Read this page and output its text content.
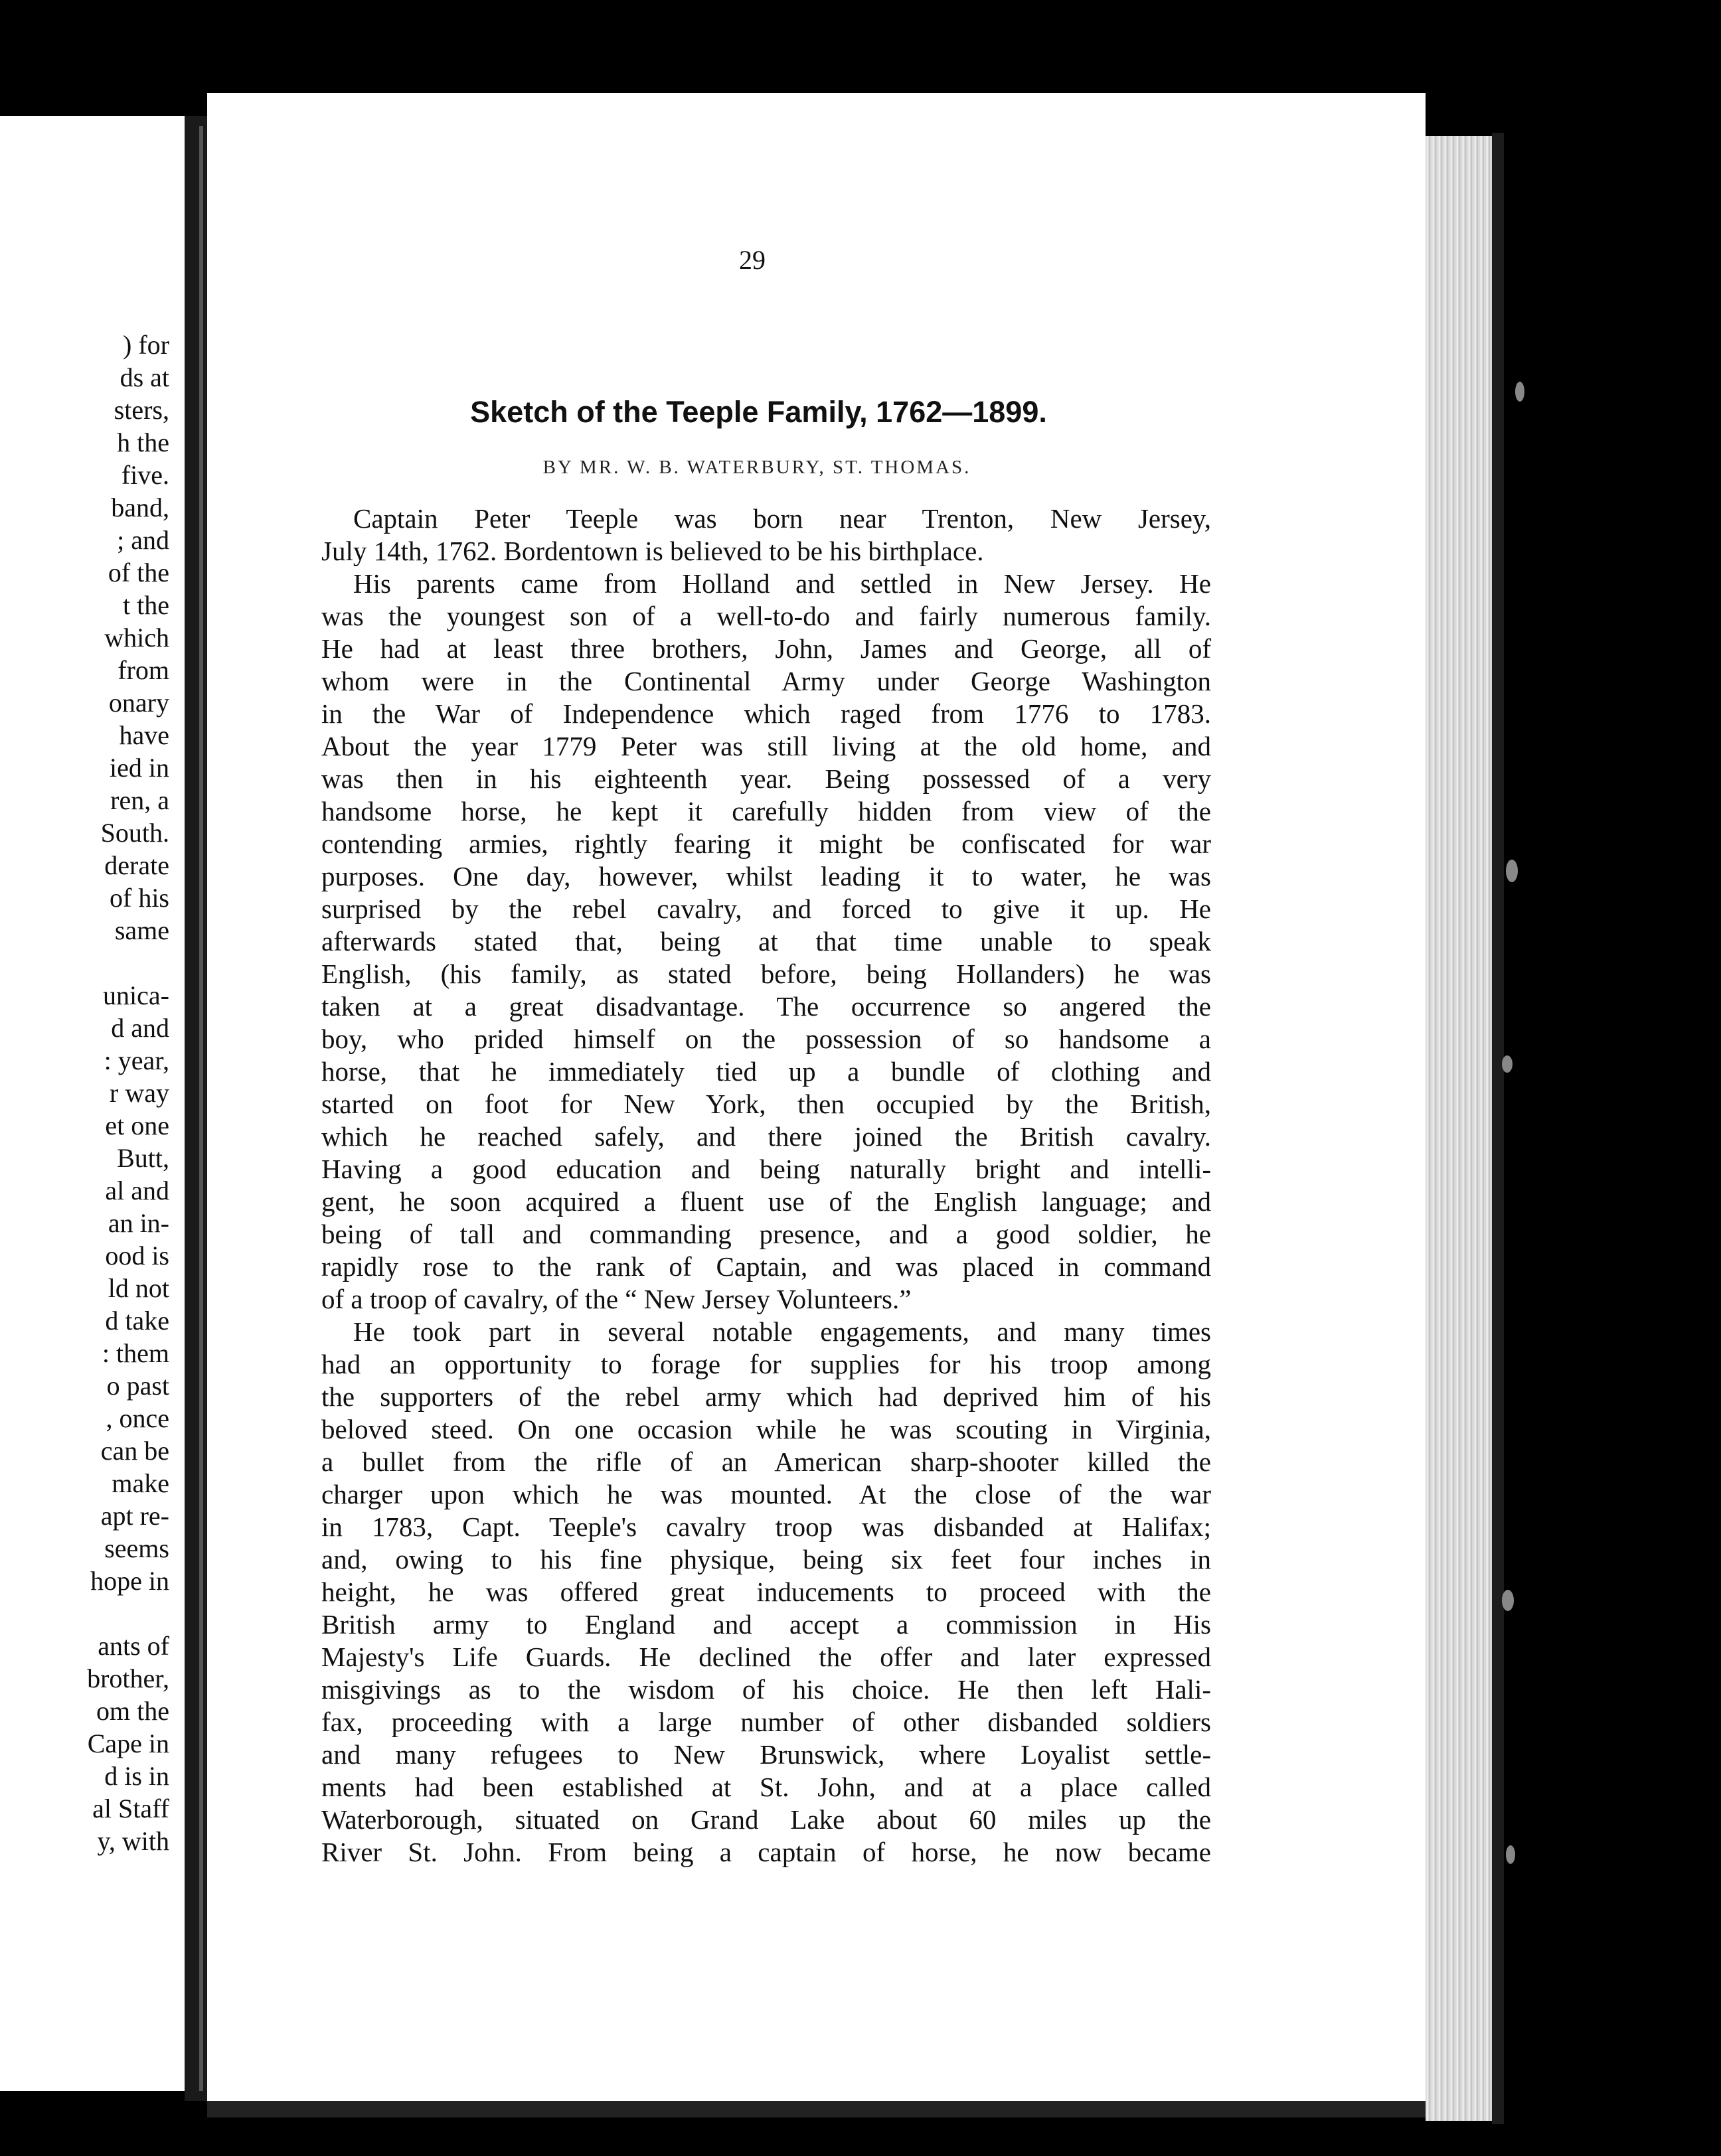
) for
ds at
sters,
h the
five.
band,
; and
of the
t the
which
from
onary
have
ied in
ren, a
South.
derate
of his
same
unica-
d and
: year,
r way
et one
Butt,
al and
an in-
ood is
ld not
d take
: them
o past
, once
can be
make
apt re-
seems
hope in
ants of
brother,
om the
Cape in
d is in
al Staff
y, with
29
Sketch of the Teeple Family, 1762—1899.
BY MR. W. B. WATERBURY, ST. THOMAS.
Captain Peter Teeple was born near Trenton, New Jersey,
July 14th, 1762. Bordentown is believed to be his birthplace.
His parents came from Holland and settled in New Jersey. He
was the youngest son of a well-to-do and fairly numerous family.
He had at least three brothers, John, James and George, all of
whom were in the Continental Army under George Washington
in the War of Independence which raged from 1776 to 1783.
About the year 1779 Peter was still living at the old home, and
was then in his eighteenth year. Being possessed of a very
handsome horse, he kept it carefully hidden from view of the
contending armies, rightly fearing it might be confiscated for war
purposes. One day, however, whilst leading it to water, he was
surprised by the rebel cavalry, and forced to give it up. He
afterwards stated that, being at that time unable to speak
English, (his family, as stated before, being Hollanders) he was
taken at a great disadvantage. The occurrence so angered the
boy, who prided himself on the possession of so handsome a
horse, that he immediately tied up a bundle of clothing and
started on foot for New York, then occupied by the British,
which he reached safely, and there joined the British cavalry.
Having a good education and being naturally bright and intelli-
gent, he soon acquired a fluent use of the English language; and
being of tall and commanding presence, and a good soldier, he
rapidly rose to the rank of Captain, and was placed in command
of a troop of cavalry, of the “ New Jersey Volunteers.”
He took part in several notable engagements, and many times
had an opportunity to forage for supplies for his troop among
the supporters of the rebel army which had deprived him of his
beloved steed. On one occasion while he was scouting in Virginia,
a bullet from the rifle of an American sharp-shooter killed the
charger upon which he was mounted. At the close of the war
in 1783, Capt. Teeple's cavalry troop was disbanded at Halifax;
and, owing to his fine physique, being six feet four inches in
height, he was offered great inducements to proceed with the
British army to England and accept a commission in His
Majesty's Life Guards. He declined the offer and later expressed
misgivings as to the wisdom of his choice. He then left Hali-
fax, proceeding with a large number of other disbanded soldiers
and many refugees to New Brunswick, where Loyalist settle-
ments had been established at St. John, and at a place called
Waterborough, situated on Grand Lake about 60 miles up the
River St. John. From being a captain of horse, he now became
